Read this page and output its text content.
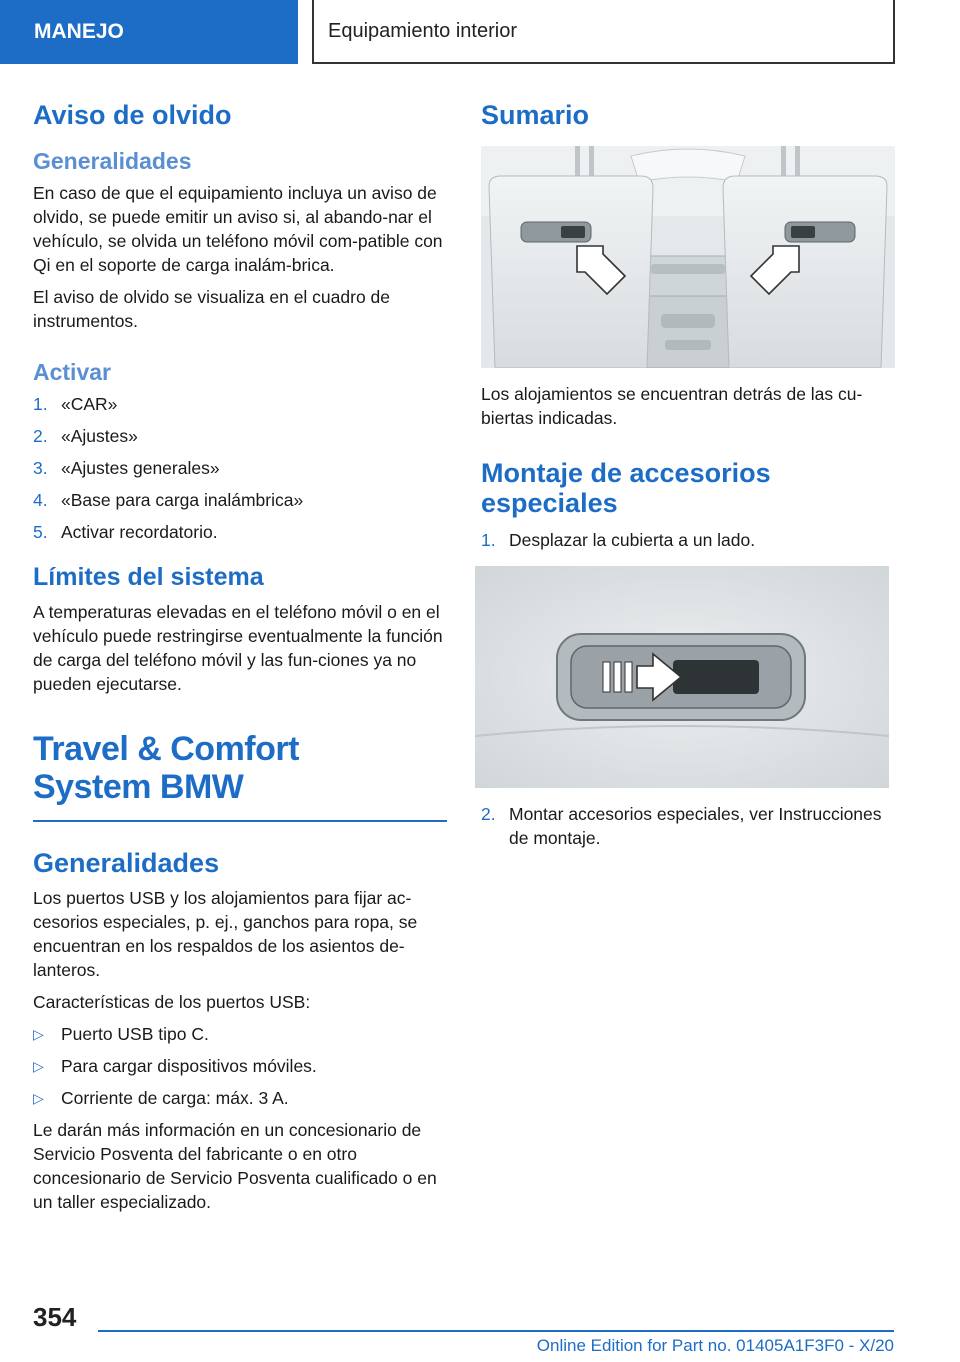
MANEJO	Equipamiento interior
Aviso de olvido
Generalidades

En caso de que el equipamiento incluya un aviso de olvido, se puede emitir un aviso si, al abando-nar el vehículo, se olvida un teléfono móvil com-patible con Qi en el soporte de carga inalám-brica.

El aviso de olvido se visualiza en el cuadro de instrumentos.

Activar
1. «CAR»
2. «Ajustes»
3. «Ajustes generales»
4. «Base para carga inalámbrica»
5. Activar recordatorio.
Límites del sistema

A temperaturas elevadas en el teléfono móvil o en el vehículo puede restringirse eventualmente la función de carga del teléfono móvil y las fun-ciones ya no pueden ejecutarse.

Travel & Comfort
System BMW
Generalidades

Los puertos USB y los alojamientos para fijar ac-cesorios especiales, p. ej., ganchos para ropa, se encuentran en los respaldos de los asientos de-lanteros.

Características de los puertos USB:

▷ Puerto USB tipo C.
▷ Para cargar dispositivos móviles.
▷ Corriente de carga: máx. 3 A.

Le darán más información en un concesionario de Servicio Posventa del fabricante o en otro concesionario de Servicio Posventa cualificado o en un taller especializado.

Sumario

Los alojamientos se encuentran detrás de las cu-biertas indicadas.

Montaje de accesorios
especiales
1. Desplazar la cubierta a un lado.
2. Montar accesorios especiales, ver Instrucciones de montaje.
354
Online Edition for Part no. 01405A1F3F0 - X/20
